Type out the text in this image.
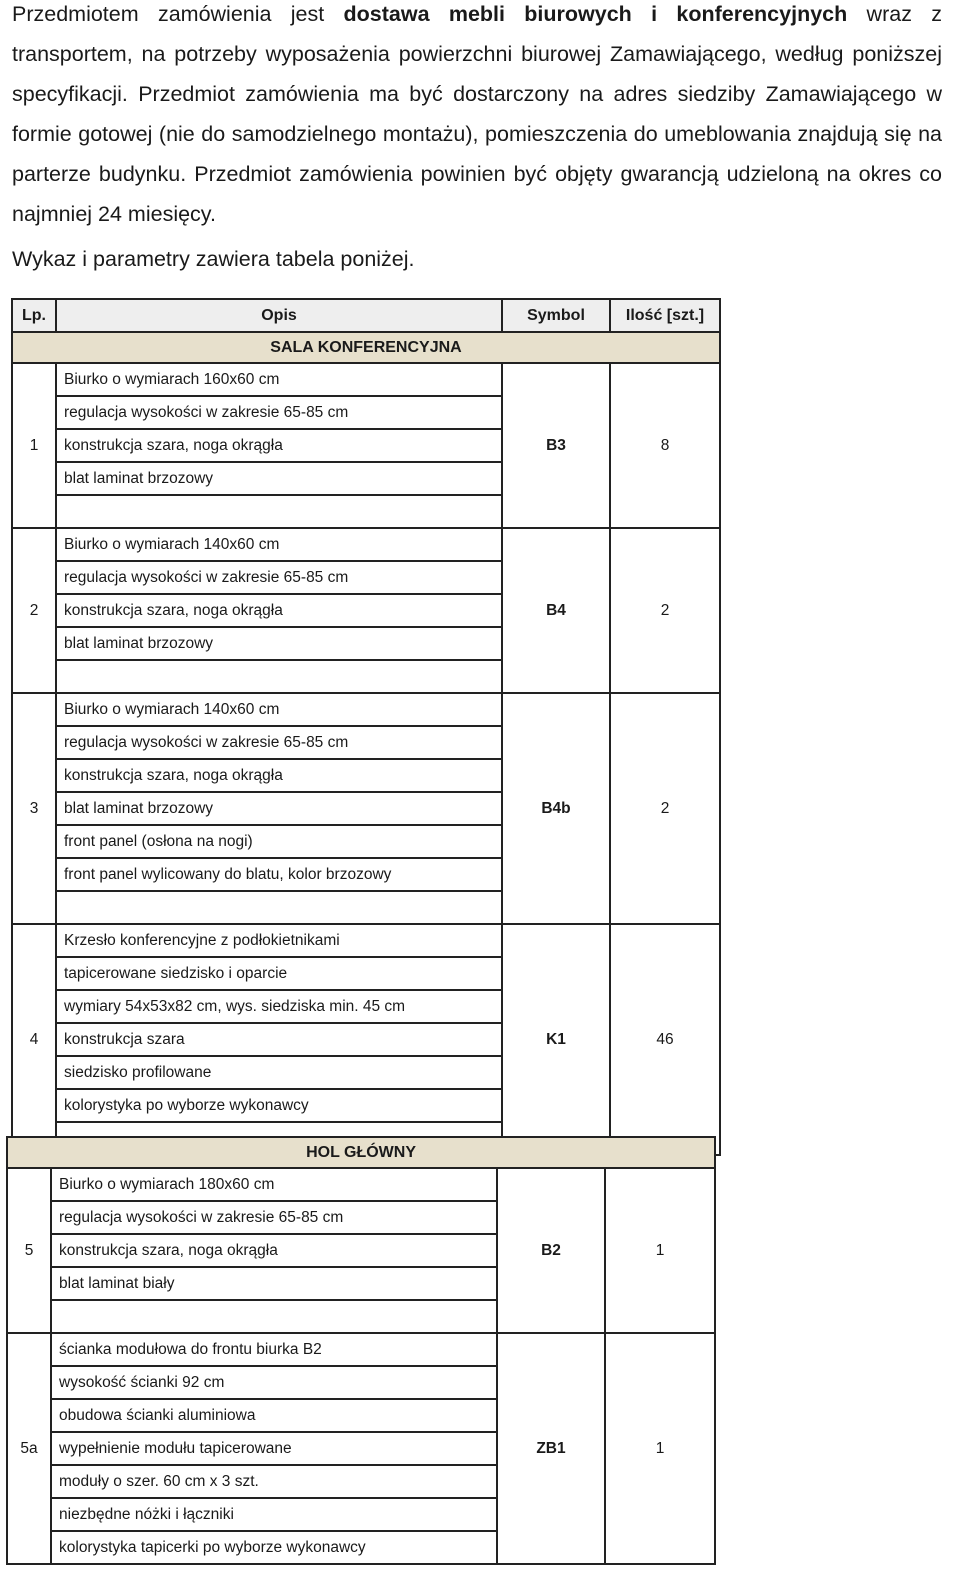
Przedmiotem zamówienia jest dostawa mebli biurowych i konferencyjnych wraz z transportem, na potrzeby wyposażenia powierzchni biurowej Zamawiającego, według poniższej specyfikacji. Przedmiot zamówienia ma być dostarczony na adres siedziby Zamawiającego w formie gotowej (nie do samodzielnego montażu), pomieszczenia do umeblowania znajdują się na parterze budynku. Przedmiot zamówienia powinien być objęty gwarancją udzieloną na okres co najmniej 24 miesięcy.
Wykaz i parametry zawiera tabela poniżej.
Lp.	Opis	Symbol	Ilość [szt.]
SALA KONFERENCYJNA			
1	Biurko o wymiarach 160x60 cm	B3	8
	regulacja wysokości w zakresie 65-85 cm		
	konstrukcja szara, noga okrągła		
	blat laminat brzozowy		

2	Biurko o wymiarach 140x60 cm	B4	2
	regulacja wysokości w zakresie 65-85 cm		
	konstrukcja szara, noga okrągła		
	blat laminat brzozowy		

3	Biurko o wymiarach 140x60 cm	B4b	2
	regulacja wysokości w zakresie 65-85 cm		
	konstrukcja szara, noga okrągła		
	blat laminat brzozowy		
	front panel (osłona na nogi)		
	front panel wylicowany do blatu, kolor brzozowy		

4	Krzesło konferencyjne z podłokietnikami	K1	46
	tapicerowane siedzisko i oparcie		
	wymiary 54x53x82 cm, wys. siedziska min. 45 cm		
	konstrukcja szara		
	siedzisko profilowane		
	kolorystyka po wyborze wykonawcy		

HOL GŁÓWNY			
5	Biurko o wymiarach 180x60 cm	B2	1
	regulacja wysokości w zakresie 65-85 cm		
	konstrukcja szara, noga okrągła		
	blat laminat biały		

5a	ścianka modułowa do frontu biurka B2	ZB1	1
	wysokość ścianki 92 cm		
	obudowa ścianki aluminiowa		
	wypełnienie modułu tapicerowane		
	moduły o szer. 60 cm x 3 szt.		
	niezbędne nóżki i łączniki		
	kolorystyka tapicerki po wyborze wykonawcy		
